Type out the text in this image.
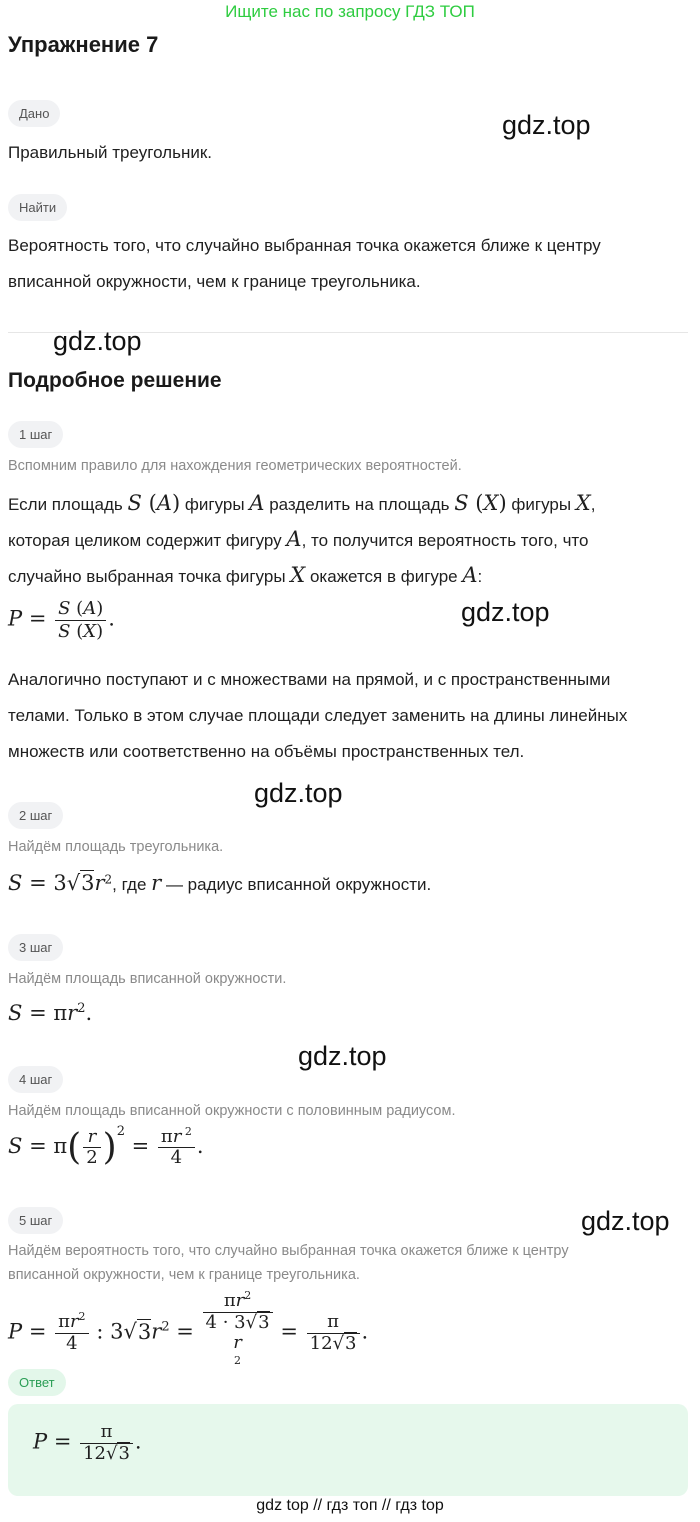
Ищите нас по запросу ГДЗ ТОП
Упражнение 7
Дано	gdz.top
Правильный треугольник.
Найти
Вероятность того, что случайно выбранная точка окажется ближе к центру
вписанной окружности, чем к границе треугольника.
gdz.top
Подробное решение
1 шаг
Вспомним правило для нахождения геометрических вероятностей.
Если площадь S (A) фигуры A разделить на площадь S (X) фигуры X,
которая целиком содержит фигуру A, то получится вероятность того, что
случайно выбранная точка фигуры X окажется в фигуре A:
$P = \frac{S (A)}{S (X)}$ .	gdz.top
Аналогично поступают и с множествами на прямой, и с пространственными
телами. Только в этом случае площади следует заменить на длины линейных
множеств или соответственно на объёмы пространственных тел.
gdz.top
2 шаг
Найдём площадь треугольника.
$S = 3√3r^2$, где r — радиус вписанной окружности.
3 шаг
Найдём площадь вписанной окружности.
$S = \pi r^2$.
gdz.top
4 шаг
Найдём площадь вписанной окружности с половинным радиусом.
$S = \pi( \frac{r}{2} )^2 = \frac{\pi r ^2}{4}$ .
gdz.top
5 шаг
Найдём вероятность того, что случайно выбранная точка окажется ближе к центру
вписанной окружности, чем к границе треугольника.
$P = \frac{\pi r^2}{4}$ : $3√3r^2$ =
$\pi r^2$
4 · 3√3
r
$^2 = \frac{\pi}{12√3}$ .
Ответ
$P = \frac{\pi}{12√3}$ .
gdz top // гдз топ // гдз top
